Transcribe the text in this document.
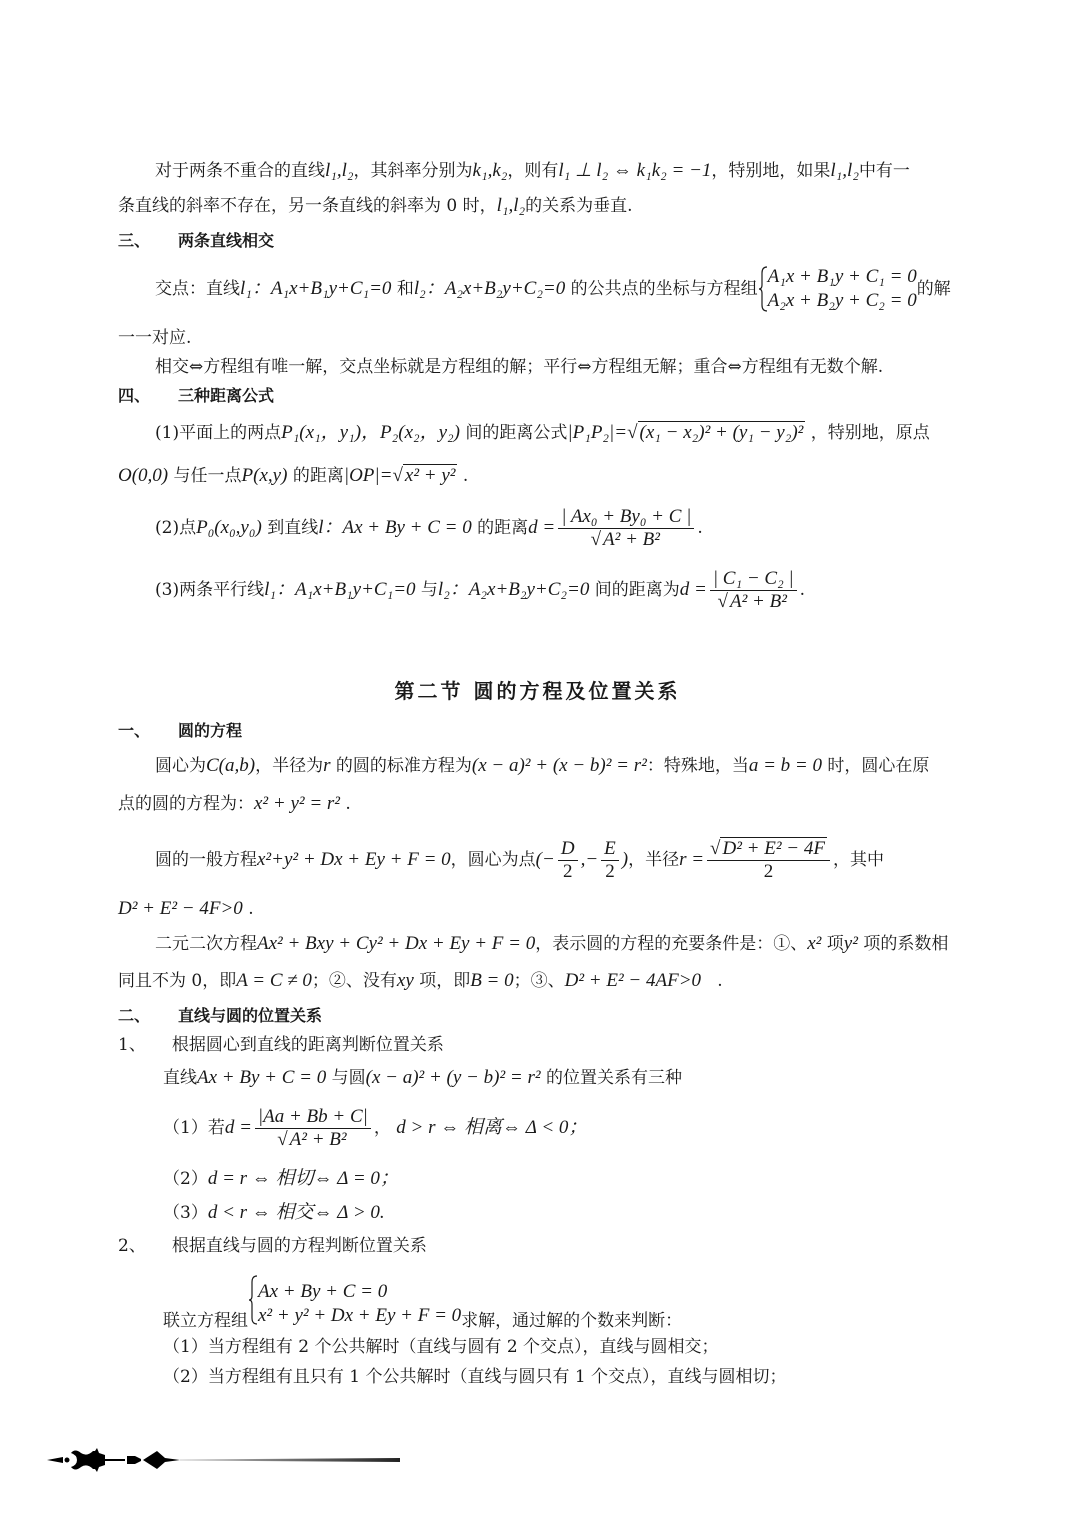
对于两条不重合的直线l₁,l₂，其斜率分别为k₁,k₂，则有l₁ ⊥ l₂ ⇔ k₁k₂ = −1，特别地，如果l₁,l₂中有一
条直线的斜率不存在，另一条直线的斜率为 0 时，l₁,l₂的关系为垂直.
三、 两条直线相交
交点：直线 l₁： A₁x+B₁y+C₁=0
和 l₂： A₂x+B₂y+C₂=0
的公共点的坐标与方程组
A₁x + B₁y + C₁ = 0
A₂x + B₂y + C₂ = 0
的解
一一对应.
相交⇔方程组有唯一解，交点坐标就是方程组的解；平行⇔方程组无解；重合⇔方程组有无数个解.
四、 三种距离公式
(1)平面上的两点P₁(x₁，y₁)，P₂(x₂，y₂) 间的距离公式|P₁P₂|=√ (x₁ − x₂)² + (y₁ − y₂)² ，特别地，原点
O(0,0) 与任一点P(x,y) 的距离|OP|=√ x² + y² .
(2)点 P₀(x₀,y₀)
到直线 l： Ax + By + C = 0
的距离 $d = \frac{\text{| Ax₀ + By₀ + C |}}{\text{√ A² + B²}}$ .
(3)两条平行线 l₁： A₁x+B₁y+C₁=0
与 l₂： A₂x+B₂y+C₂=0
间的距离为 $d = \frac{\text{| C₁ − C₂ |}}{\text{√ A² + B²}}$ .
第二节 圆的方程及位置关系
一、 圆的方程
圆心为C(a,b)，半径为r 的圆的标准方程为(x − a)² + (x − b)² = r²：特殊地，当a = b = 0 时，圆心在原
点的圆的方程为：x² + y² = r² .
圆的一般方程 x²+y² + Dx + Ey + F = 0 ，圆心为点 (− $\frac{D}{2}$ ,− $\frac{E}{2}$ ) ，半径 $r = \frac{\text{√ D² + E² − 4F}}{2}$ ，其中
D² + E² − 4F>0 .
二元二次方程Ax² + Bxy + Cy² + Dx + Ey + F = 0，表示圆的方程的充要条件是：①、x² 项y² 项的系数相
同且不为 0，即A = C ≠ 0；②、没有xy 项，即B = 0；③、D² + E² − 4AF>0 .
二、 直线与圆的位置关系
1、 根据圆心到直线的距离判断位置关系
直线Ax + By + C = 0 与圆(x − a)² + (y − b)² = r² 的位置关系有三种
（1）若 $d = \frac{|Aa + Bb + C|}{\text{√ A² + B²}}$ ，
d > r ⇔ 相离⇔ Δ < 0；
（2）d = r ⇔ 相切⇔ Δ = 0；
（3）d < r ⇔ 相交⇔ Δ > 0.
2、 根据直线与圆的方程判断位置关系
联立方程组
Ax + By + C = 0
x² + y² + Dx + Ey + F = 0 求解，通过解的个数来判断：
（1）当方程组有 2 个公共解时（直线与圆有 2 个交点），直线与圆相交；
（2）当方程组有且只有 1 个公共解时（直线与圆只有 1 个交点），直线与圆相切；
